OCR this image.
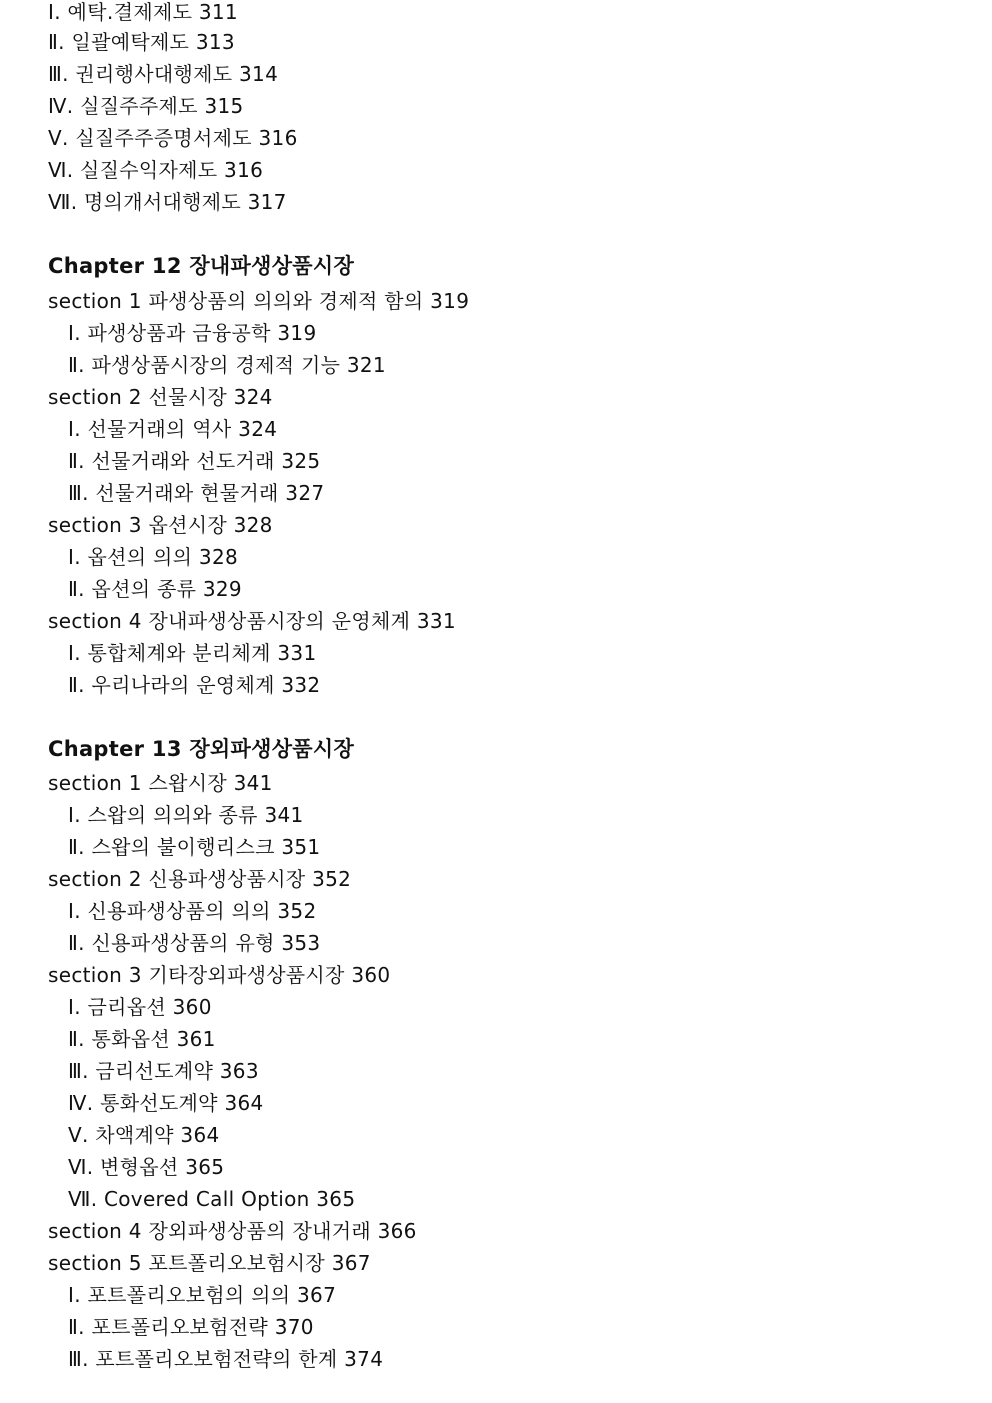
Ⅰ. 예탁․결제제도 311
Ⅱ. 일괄예탁제도 313
Ⅲ. 권리행사대행제도 314
Ⅳ. 실질주주제도 315
Ⅴ. 실질주주증명서제도 316
Ⅵ. 실질수익자제도 316
Ⅶ. 명의개서대행제도 317
Chapter 12 장내파생상품시장
section 1 파생상품의 의의와 경제적 함의 319
Ⅰ. 파생상품과 금융공학 319
Ⅱ. 파생상품시장의 경제적 기능 321
section 2 선물시장 324
Ⅰ. 선물거래의 역사 324
Ⅱ. 선물거래와 선도거래 325
Ⅲ. 선물거래와 현물거래 327
section 3 옵션시장 328
Ⅰ. 옵션의 의의 328
Ⅱ. 옵션의 종류 329
section 4 장내파생상품시장의 운영체계 331
Ⅰ. 통합체계와 분리체계 331
Ⅱ. 우리나라의 운영체계 332
Chapter 13 장외파생상품시장
section 1 스왑시장 341
Ⅰ. 스왑의 의의와 종류 341
Ⅱ. 스왑의 불이행리스크 351
section 2 신용파생상품시장 352
Ⅰ. 신용파생상품의 의의 352
Ⅱ. 신용파생상품의 유형 353
section 3 기타장외파생상품시장 360
Ⅰ. 금리옵션 360
Ⅱ. 통화옵션 361
Ⅲ. 금리선도계약 363
Ⅳ. 통화선도계약 364
Ⅴ. 차액계약 364
Ⅵ. 변형옵션 365
Ⅶ. Covered Call Option 365
section 4 장외파생상품의 장내거래 366
section 5 포트폴리오보험시장 367
Ⅰ. 포트폴리오보험의 의의 367
Ⅱ. 포트폴리오보험전략 370
Ⅲ. 포트폴리오보험전략의 한계 374
